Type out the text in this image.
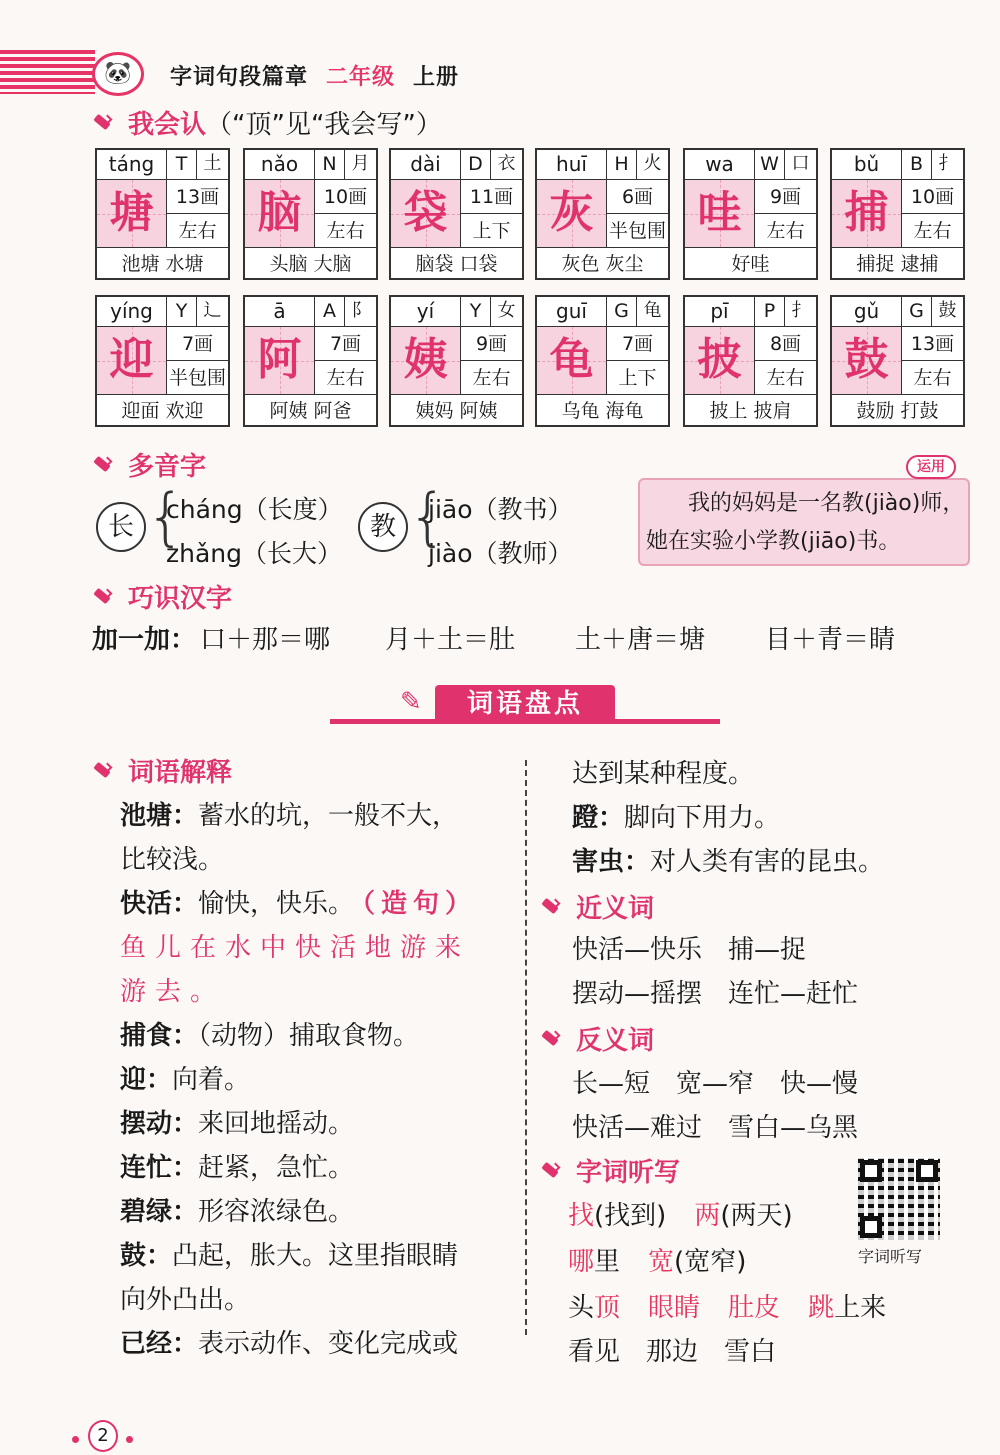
🐼	字词句段篇章 二年级 上册
我会认 （“顶”见“我会写”）
táng	T 土
塘	13画
左右
池塘 水塘
nǎo	N 月
脑	10画
左右
头脑 大脑
dài	D 衣
袋	11画
上下
脑袋 口袋
huī	H 火
灰	6画
半包围
灰色 灰尘
wa	W 口
哇	9画
左右
好哇
bǔ	B 扌
捕	10画
左右
捕捉 逮捕
yíng	Y 辶
迎	7画
半包围
迎面 欢迎
ā	A 阝
阿	7画
左右
阿姨 阿爸
yí	Y 女
姨	9画
左右
姨妈 阿姨
guī	G 龟
龟	7画
上下
乌龟 海龟
pī	P 扌
披	8画
左右
披上 披肩
gǔ	G 鼓
鼓	13画
左右
鼓励 打鼓
多音字
长 {
cháng（长度）
zhǎng（长大）
教 {
jiāo（教书）
jiào（教师）
运用
我的妈妈是一名教(jiào)师，
她在实验小学教(jiāo)书。
巧识汉字
加一加： 口＋那＝哪 月＋土＝肚 土＋唐＝塘 目＋青＝睛
✎	词语盘点
词语解释
池塘：蓄水的坑，一般不大，
比较浅。
快活：愉快，快乐。 （造句）
鱼儿在水中快活地游来
游去。
捕食：（动物）捕取食物。
迎：向着。
摆动：来回地摇动。
连忙：赶紧，急忙。
碧绿：形容浓绿色。
鼓：凸起，胀大。这里指眼睛
向外凸出。
已经：表示动作、变化完成或
达到某种程度。
蹬：脚向下用力。
害虫：对人类有害的昆虫。
近义词
快活—快乐　捕—捉
摆动—摇摆　连忙—赶忙
反义词
长—短　宽—窄　快—慢
快活—难过　雪白—乌黑
字词听写
字词听写
找(找到) 两(两天)
哪里 宽(宽窄)
头顶 眼睛 肚皮 跳上来
看见　那边　雪白
2
